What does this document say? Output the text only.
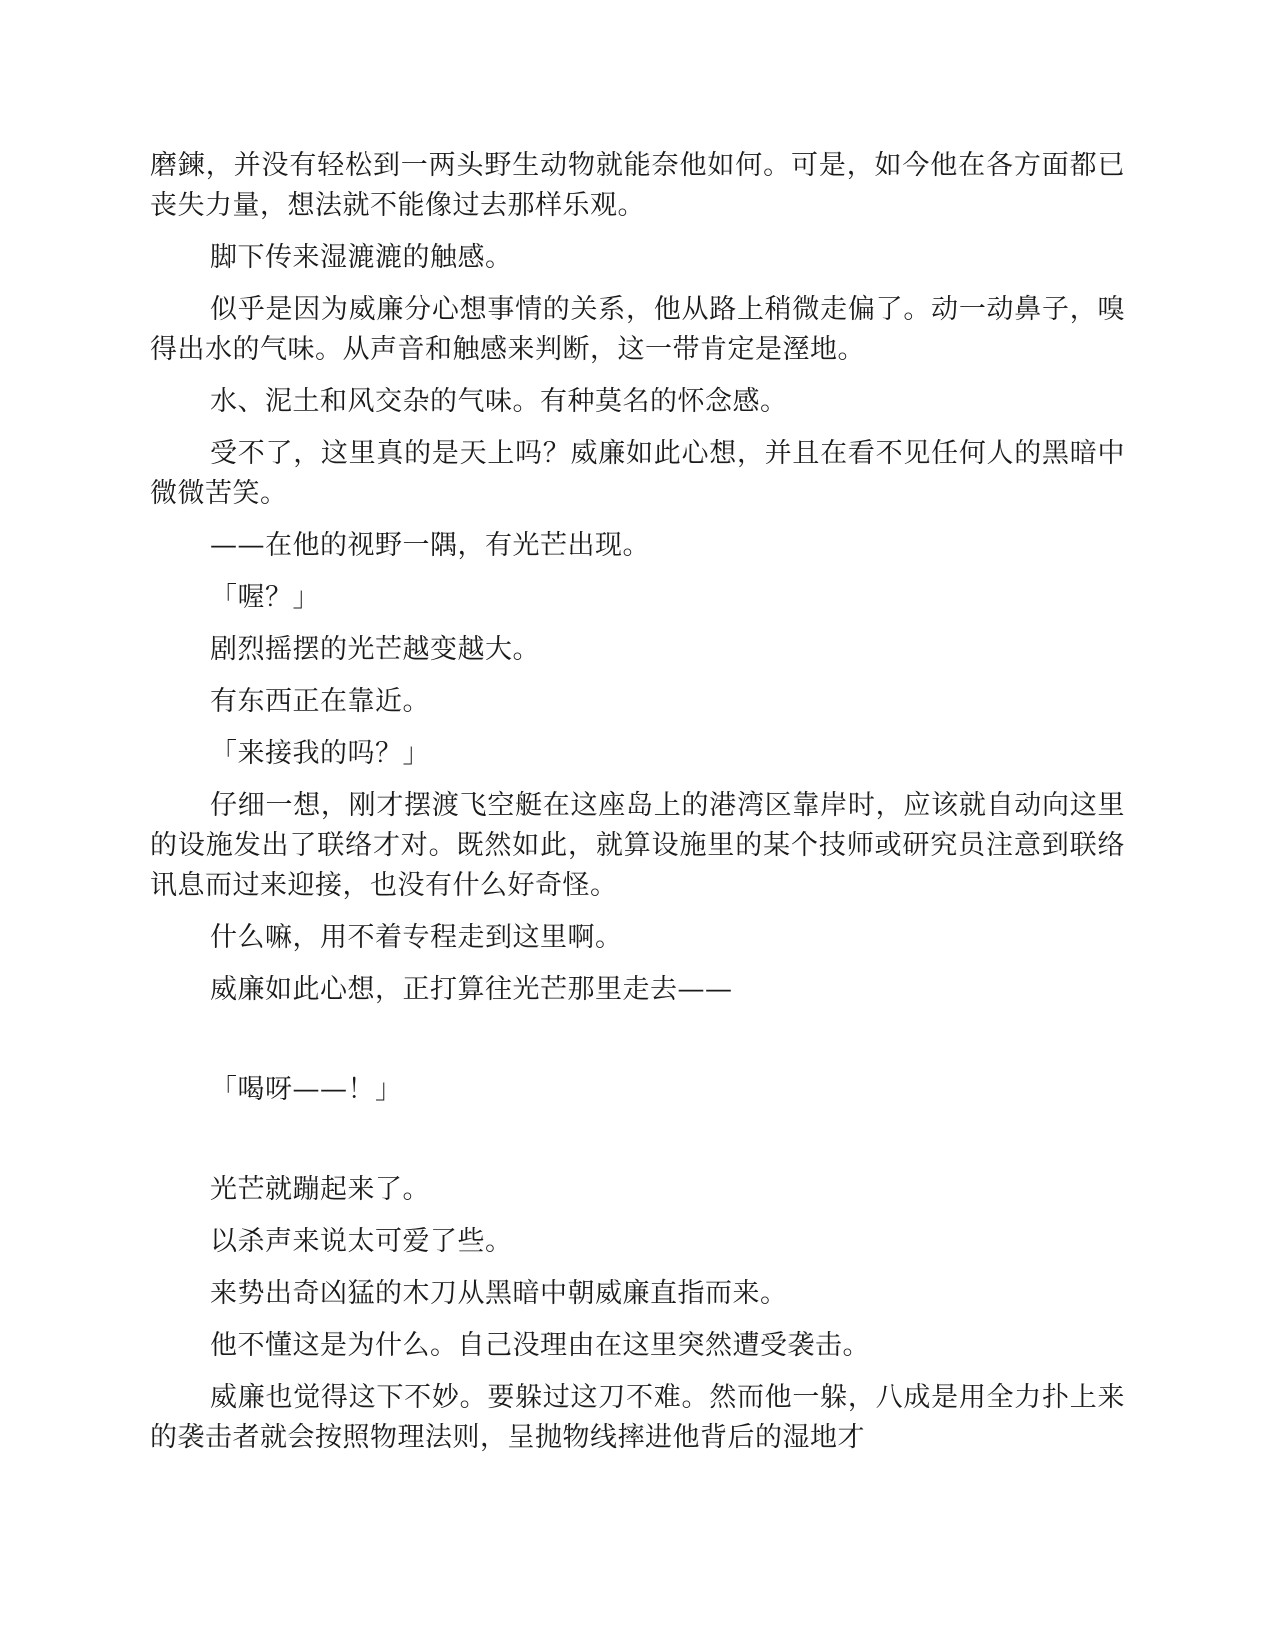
磨鍊，并没有轻松到一两头野生动物就能奈他如何。可是，如今他在各方面都已丧失力量，想法就不能像过去那样乐观。

脚下传来湿漉漉的触感。

似乎是因为威廉分心想事情的关系，他从路上稍微走偏了。动一动鼻子，嗅得出水的气味。从声音和触感来判断，这一带肯定是溼地。

水、泥土和风交杂的气味。有种莫名的怀念感。

受不了，这里真的是天上吗？威廉如此心想，并且在看不见任何人的黑暗中微微苦笑。

——在他的视野一隅，有光芒出现。

「喔？」

剧烈摇摆的光芒越变越大。

有东西正在靠近。

「来接我的吗？」

仔细一想，刚才摆渡飞空艇在这座岛上的港湾区靠岸时，应该就自动向这里的设施发出了联络才对。既然如此，就算设施里的某个技师或研究员注意到联络讯息而过来迎接，也没有什么好奇怪。

什么嘛，用不着专程走到这里啊。

威廉如此心想，正打算往光芒那里走去——

「喝呀——！」

光芒就蹦起来了。

以杀声来说太可爱了些。

来势出奇凶猛的木刀从黑暗中朝威廉直指而来。

他不懂这是为什么。自己没理由在这里突然遭受袭击。

威廉也觉得这下不妙。要躲过这刀不难。然而他一躲，八成是用全力扑上来的袭击者就会按照物理法则，呈抛物线摔进他背后的湿地才
